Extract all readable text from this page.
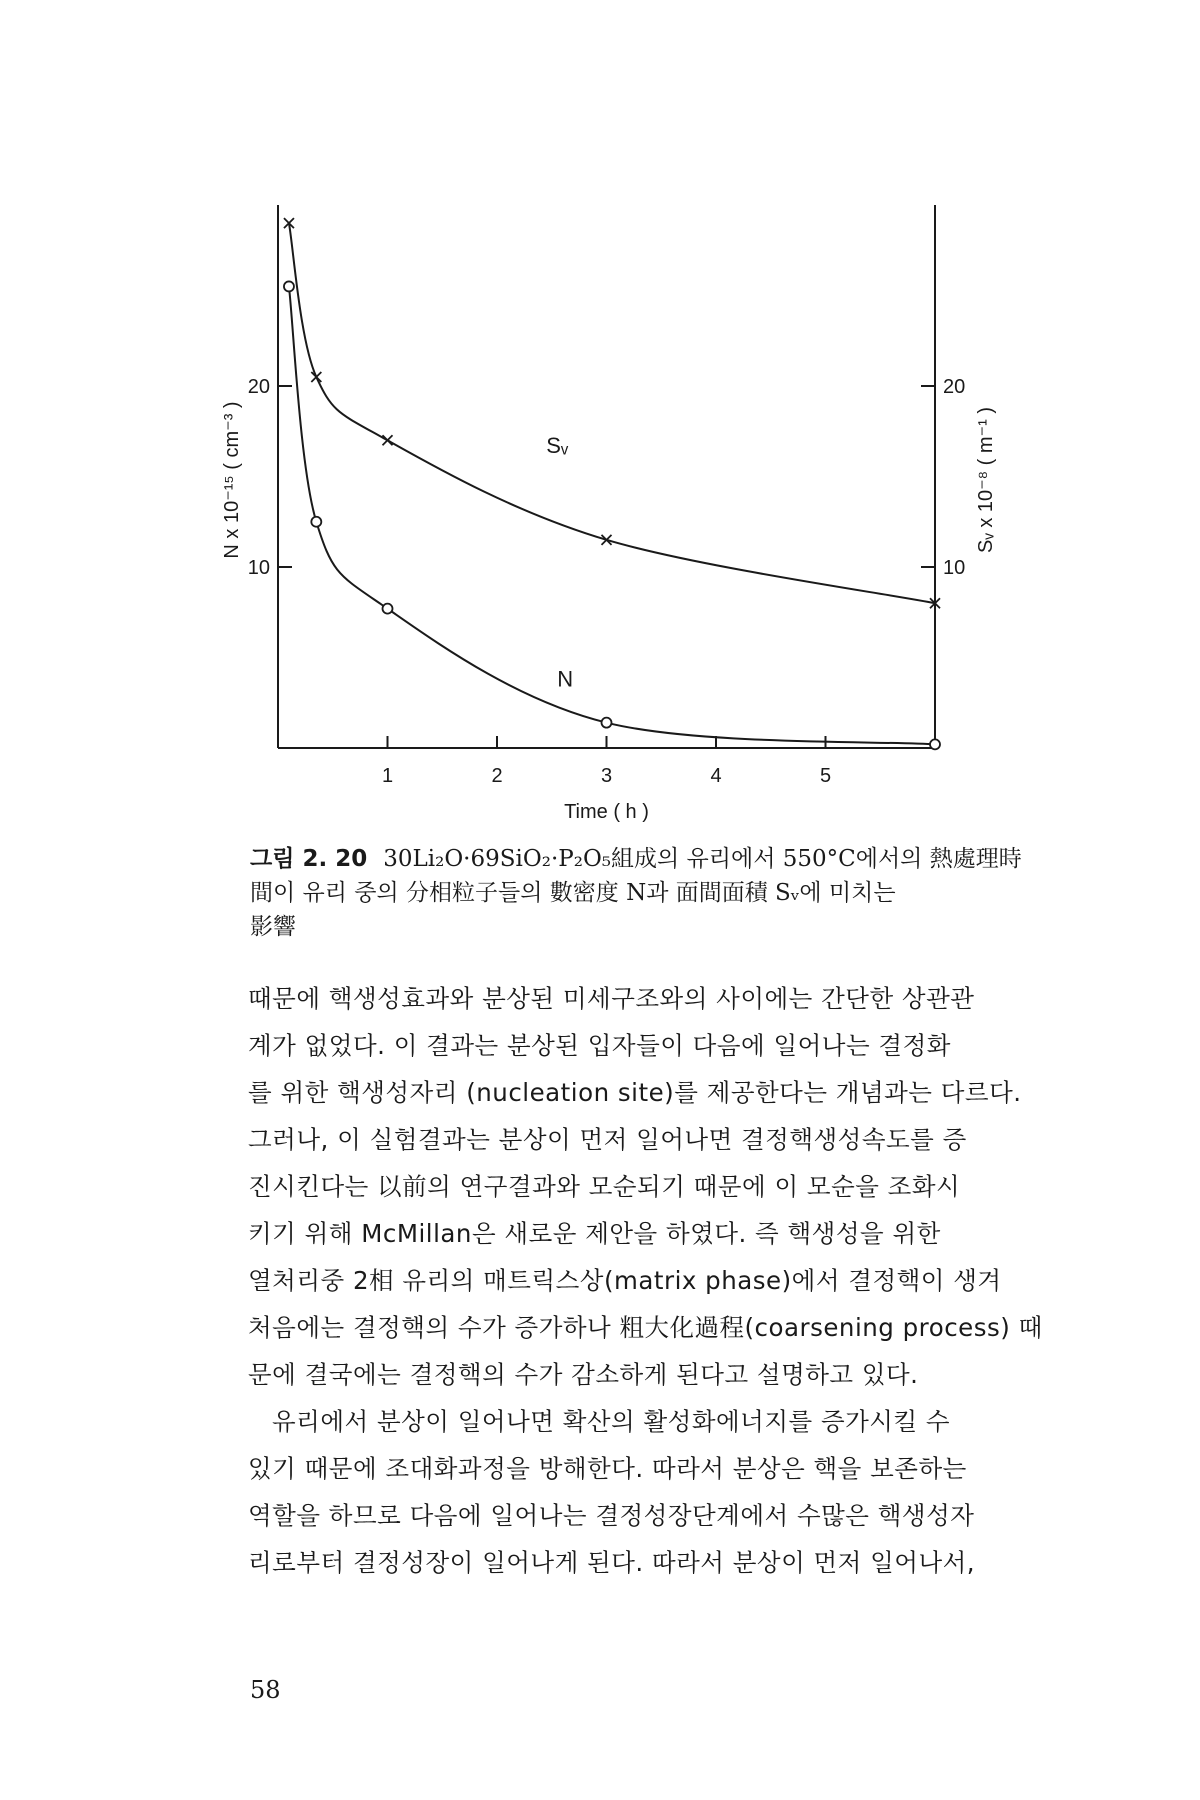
1	2	3	4	5
Time ( h )
10
20
10
20
N x 10⁻¹⁵ ( cm⁻³ )	Sᵥ x 10⁻⁸ ( m⁻¹ )
Sᵥ
N
그림 2. 20 30Li₂O·69SiO₂·P₂O₅組成의 유리에서 550°C에서의 熱處理時
間이 유리 중의 分相粒子들의 數密度 N과 面間面積 Sᵥ에 미치는
影響
때문에 핵생성효과와 분상된 미세구조와의 사이에는 간단한 상관관
계가 없었다. 이 결과는 분상된 입자들이 다음에 일어나는 결정화
를 위한 핵생성자리 (nucleation site)를 제공한다는 개념과는 다르다.
그러나, 이 실험결과는 분상이 먼저 일어나면 결정핵생성속도를 증
진시킨다는 以前의 연구결과와 모순되기 때문에 이 모순을 조화시
키기 위해 McMillan은 새로운 제안을 하였다. 즉 핵생성을 위한
열처리중 2相 유리의 매트릭스상(matrix phase)에서 결정핵이 생겨
처음에는 결정핵의 수가 증가하나 粗大化過程(coarsening process) 때
문에 결국에는 결정핵의 수가 감소하게 된다고 설명하고 있다.
유리에서 분상이 일어나면 확산의 활성화에너지를 증가시킬 수
있기 때문에 조대화과정을 방해한다. 따라서 분상은 핵을 보존하는
역할을 하므로 다음에 일어나는 결정성장단계에서 수많은 핵생성자
리로부터 결정성장이 일어나게 된다. 따라서 분상이 먼저 일어나서,
58
